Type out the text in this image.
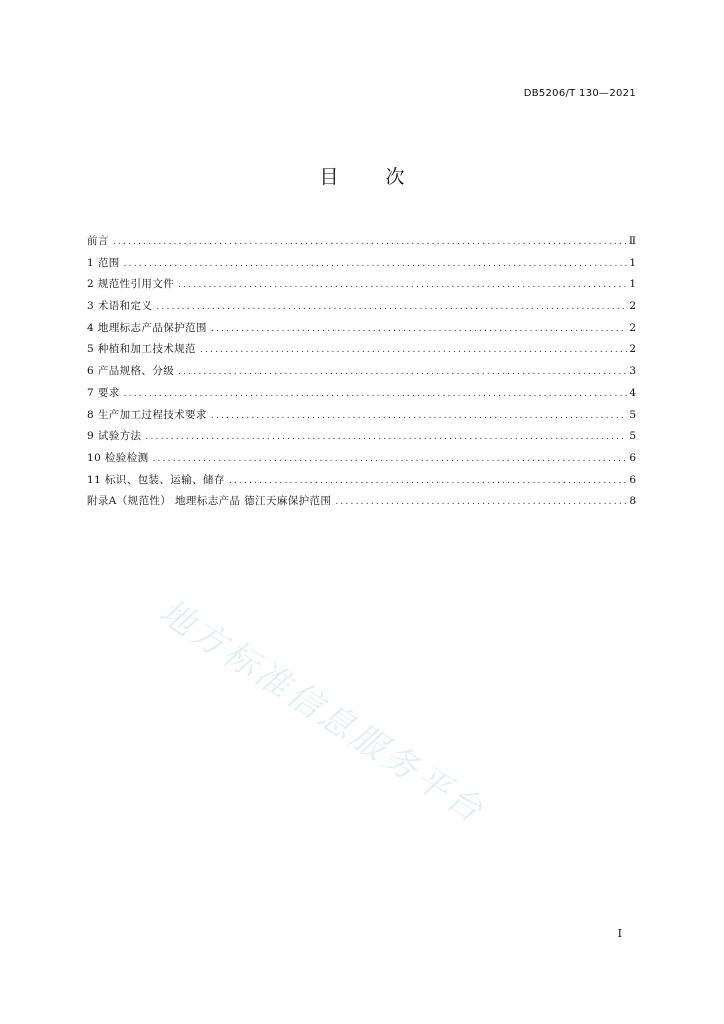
DB5206/T 130—2021
目　次
前言 .....	Ⅱ
1 范围 .....	1
2 规范性引用文件 .....	1
3 术语和定义 .....	2
4 地理标志产品保护范围 .....	2
5 种植和加工技术规范 .....	2
6 产品规格、分级 .....	3
7 要求 .....	4
8 生产加工过程技术要求 .....	5
9 试验方法 .....	5
10 检验检测 .....	6
11 标识、包装、运输、储存 .....	6
附录A（规范性） 地理标志产品 德江天麻保护范围 .....	8
地方标准信息服务平台
I
